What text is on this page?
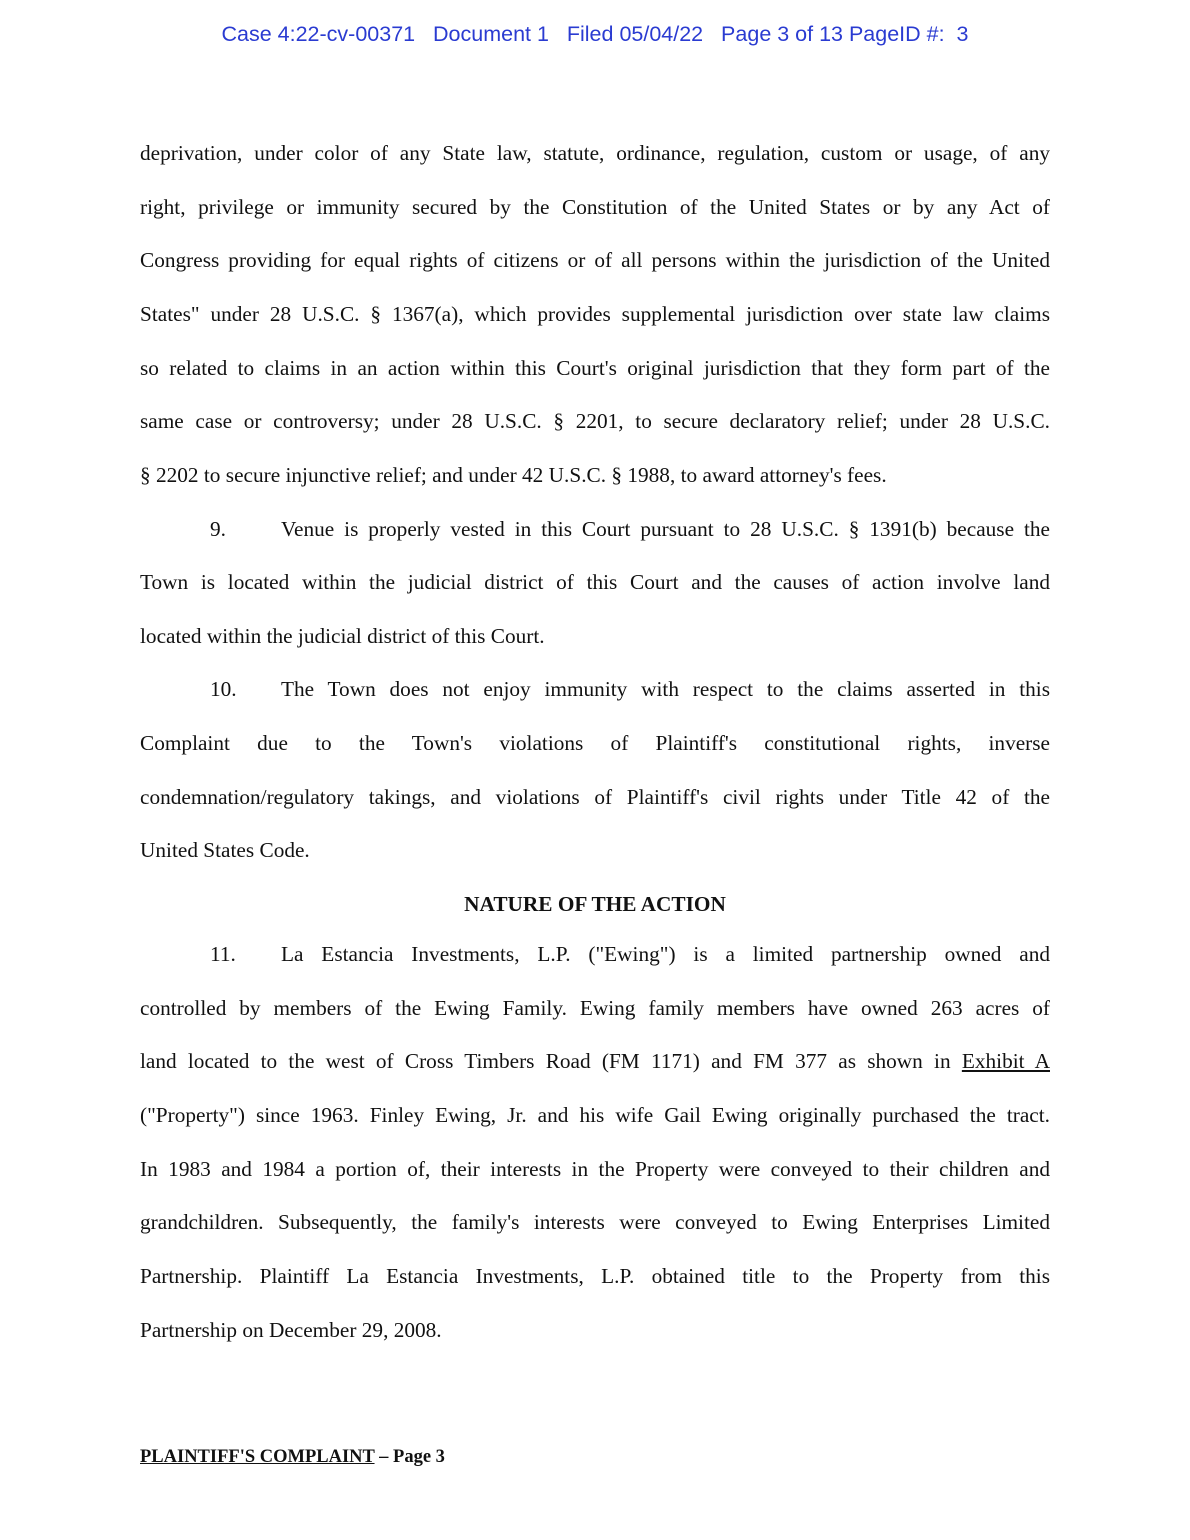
Case 4:22-cv-00371   Document 1   Filed 05/04/22   Page 3 of 13 PageID #:  3
deprivation, under color of any State law, statute, ordinance, regulation, custom or usage, of any
right, privilege or immunity secured by the Constitution of the United States or by any Act of
Congress providing for equal rights of citizens or of all persons within the jurisdiction of the United
States" under 28 U.S.C. § 1367(a), which provides supplemental jurisdiction over state law claims
so related to claims in an action within this Court's original jurisdiction that they form part of the
same case or controversy; under 28 U.S.C. § 2201, to secure declaratory relief; under 28 U.S.C.
§ 2202 to secure injunctive relief; and under 42 U.S.C. § 1988, to award attorney's fees.
9.	Venue is properly vested in this Court pursuant to 28 U.S.C. § 1391(b) because the
Town is located within the judicial district of this Court and the causes of action involve land
located within the judicial district of this Court.
10. The Town does not enjoy immunity with respect to the claims asserted in this
Complaint due to the Town's violations of Plaintiff's constitutional rights, inverse
condemnation/regulatory takings, and violations of Plaintiff's civil rights under Title 42 of the
United States Code.
NATURE OF THE ACTION
11. La Estancia Investments, L.P. ("Ewing") is a limited partnership owned and
controlled by members of the Ewing Family. Ewing family members have owned 263 acres of
land located to the west of Cross Timbers Road (FM 1171) and FM 377 as shown in Exhibit A
("Property") since 1963. Finley Ewing, Jr. and his wife Gail Ewing originally purchased the tract.
In 1983 and 1984 a portion of, their interests in the Property were conveyed to their children and
grandchildren. Subsequently, the family's interests were conveyed to Ewing Enterprises Limited
Partnership. Plaintiff La Estancia Investments, L.P. obtained title to the Property from this
Partnership on December 29, 2008.
PLAINTIFF'S COMPLAINT – Page 3
